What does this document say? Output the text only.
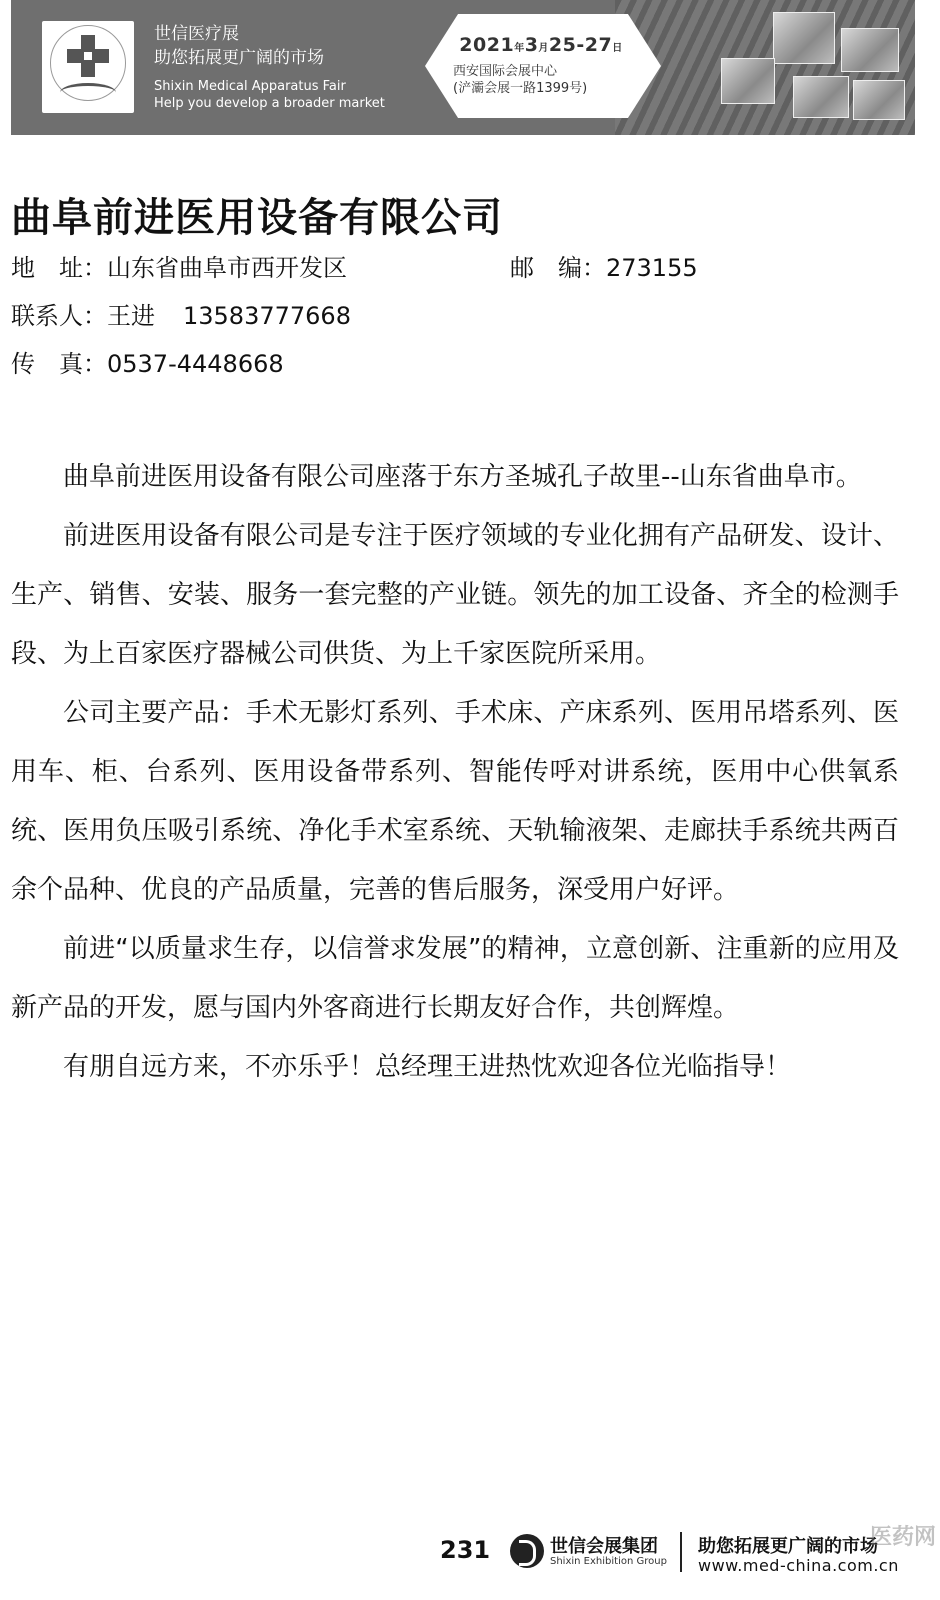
世信医疗展
助您拓展更广阔的市场
Shixin Medical Apparatus Fair
Help you develop a broader market
2021年3月25-27日
西安国际会展中心
(浐灞会展一路1399号)
曲阜前进医用设备有限公司
地　址：山东省曲阜市西开发区	邮　编：273155
联系人：王进 13583777668
传　真：0537-4448668

曲阜前进医用设备有限公司座落于东方圣城孔子故里--山东省曲阜市。

前进医用设备有限公司是专注于医疗领域的专业化拥有产品研发、设计、生产、销售、安装、服务一套完整的产业链。领先的加工设备、齐全的检测手段、为上百家医疗器械公司供货、为上千家医院所采用。

公司主要产品：手术无影灯系列、手术床、产床系列、医用吊塔系列、医用车、柜、台系列、医用设备带系列、智能传呼对讲系统，医用中心供氧系统、医用负压吸引系统、净化手术室系统、天轨输液架、走廊扶手系统共两百余个品种、优良的产品质量，完善的售后服务，深受用户好评。

前进“以质量求生存，以信誉求发展”的精神，立意创新、注重新的应用及新产品的开发，愿与国内外客商进行长期友好合作，共创辉煌。

有朋自远方来，不亦乐乎！总经理王进热忱欢迎各位光临指导！

231	世信会展集团
Shixin Exhibition Group
助您拓展更广阔的市场
www.med-china.com.cn
医药网
